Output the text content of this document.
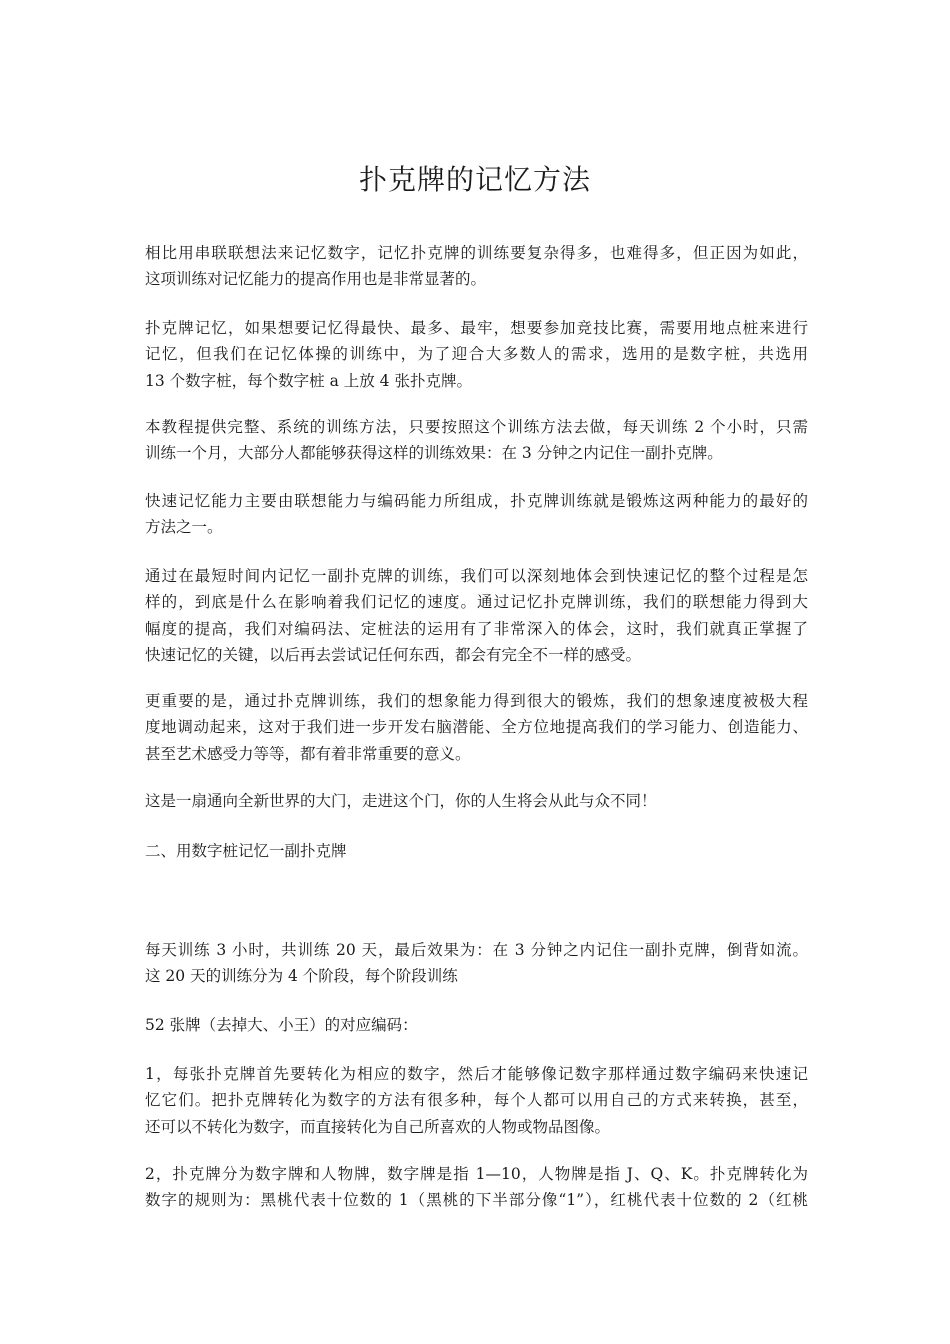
扑克牌的记忆方法

相比用串联联想法来记忆数字，记忆扑克牌的训练要复杂得多，也难得多，但正因为如此，
这项训练对记忆能力的提高作用也是非常显著的。

扑克牌记忆，如果想要记忆得最快、最多、最牢，想要参加竞技比赛，需要用地点桩来进行
记忆，但我们在记忆体操的训练中，为了迎合大多数人的需求，选用的是数字桩，共选用
13 个数字桩，每个数字桩 a 上放 4 张扑克牌。

本教程提供完整、系统的训练方法，只要按照这个训练方法去做，每天训练 2 个小时，只需
训练一个月，大部分人都能够获得这样的训练效果：在 3 分钟之内记住一副扑克牌。

快速记忆能力主要由联想能力与编码能力所组成，扑克牌训练就是锻炼这两种能力的最好的
方法之一。

通过在最短时间内记忆一副扑克牌的训练，我们可以深刻地体会到快速记忆的整个过程是怎
样的，到底是什么在影响着我们记忆的速度。通过记忆扑克牌训练，我们的联想能力得到大
幅度的提高，我们对编码法、定桩法的运用有了非常深入的体会，这时，我们就真正掌握了
快速记忆的关键，以后再去尝试记任何东西，都会有完全不一样的感受。

更重要的是，通过扑克牌训练，我们的想象能力得到很大的锻炼，我们的想象速度被极大程
度地调动起来，这对于我们进一步开发右脑潜能、全方位地提高我们的学习能力、创造能力、
甚至艺术感受力等等，都有着非常重要的意义。

这是一扇通向全新世界的大门，走进这个门，你的人生将会从此与众不同！

二、用数字桩记忆一副扑克牌

每天训练 3 小时，共训练 20 天，最后效果为：在 3 分钟之内记住一副扑克牌，倒背如流。
这 20 天的训练分为 4 个阶段，每个阶段训练

52 张牌（去掉大、小王）的对应编码：

1，每张扑克牌首先要转化为相应的数字，然后才能够像记数字那样通过数字编码来快速记
忆它们。把扑克牌转化为数字的方法有很多种，每个人都可以用自己的方式来转换，甚至，
还可以不转化为数字，而直接转化为自己所喜欢的人物或物品图像。

2，扑克牌分为数字牌和人物牌，数字牌是指 1—10，人物牌是指 J、Q、K。扑克牌转化为
数字的规则为：黑桃代表十位数的 1（黑桃的下半部分像“1”），红桃代表十位数的 2（红桃
